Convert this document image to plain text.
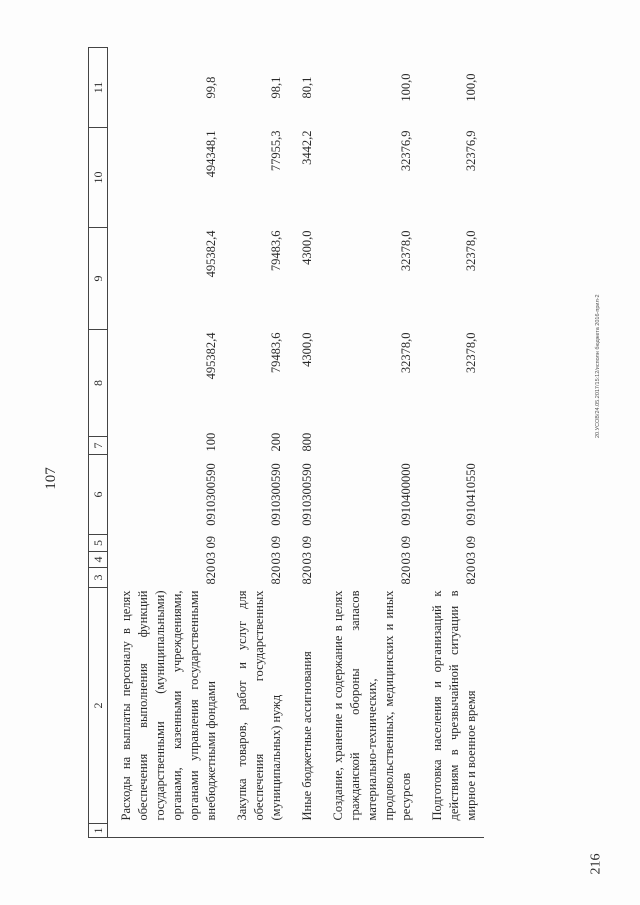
1	2	3	4	5	6	7	8	9	10	11
	Расходы на выплаты персоналу в целях обеспечения выполнения функций государственными (муниципальными) органами, казенными учреждениями, органами управления государственными внебюджетными фондами	820	03	09	0910300590	100	495382,4	495382,4	494348,1	99,8
	Закупка товаров, работ и услуг для обеспечения государственных (муниципальных) нужд	820	03	09	0910300590	200	79483,6	79483,6	77955,3	98,1
	Иные бюджетные ассигнования	820	03	09	0910300590	800	4300,0	4300,0	3442,2	80,1
	Создание, хранение и содержание в целях гражданской обороны запасов материально-технических, продовольственных, медицинских и иных ресурсов	820	03	09	0910400000		32378,0	32378,0	32376,9	100,0
	Подготовка населения и организаций к действиям в чрезвычайной ситуации в мирное и военное время	820	03	09	0910410550		32378,0	32378,0	32376,9	100,0
107
20.УСОВ/24.05.2017/15:12/исполн бюджета 2016-прил-2
216
